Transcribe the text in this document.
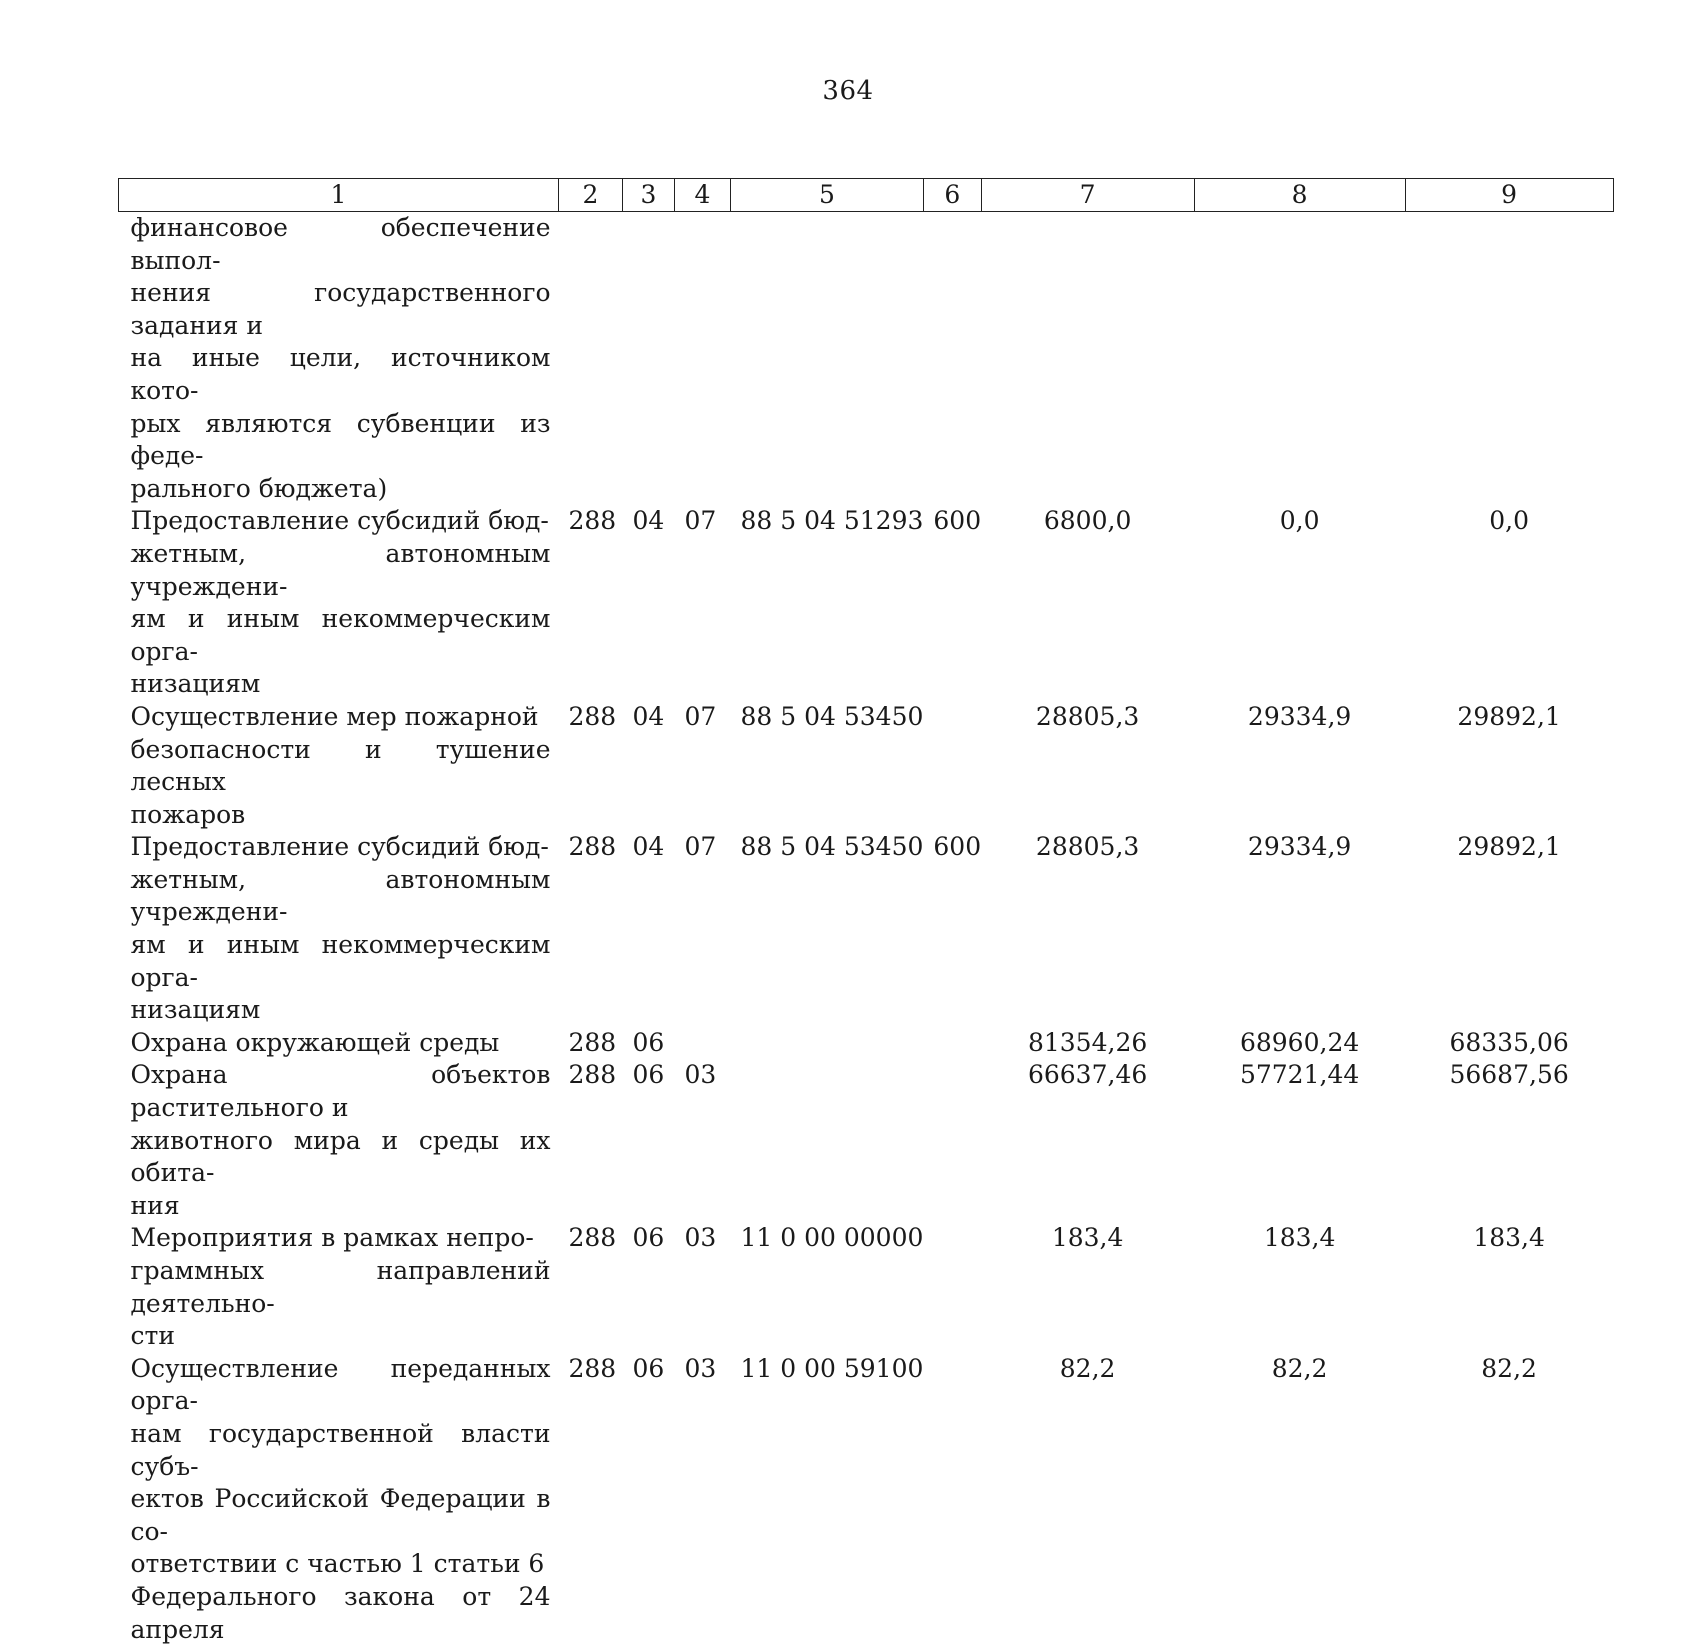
364
1	2	3	4	5	6	7	8	9

финансовое обеспечение выпол-
нения государственного задания и
на иные цели, источником кото-
рых являются субвенции из феде-
рального бюджета)								

Предоставление субсидий бюд-
жетным, автономным учреждени-
ям и иным некоммерческим орга-
низациям	288	04	07	88 5 04 51293	600	6800,0	0,0	0,0

Осуществление мер пожарной
безопасности и тушение лесных
пожаров	288	04	07	88 5 04 53450		28805,3	29334,9	29892,1

Предоставление субсидий бюд-
жетным, автономным учреждени-
ям и иным некоммерческим орга-
низациям	288	04	07	88 5 04 53450	600	28805,3	29334,9	29892,1

Охрана окружающей среды	288	06				81354,26	68960,24	68335,06

Охрана объектов растительного и
животного мира и среды их обита-
ния	288	06	03			66637,46	57721,44	56687,56

Мероприятия в рамках непро-
граммных направлений деятельно-
сти	288	06	03	11 0 00 00000		183,4	183,4	183,4

Осуществление переданных орга-
нам государственной власти субъ-
ектов Российской Федерации в со-
ответствии с частью 1 статьи 6
Федерального закона от 24 апреля	288	06	03	11 0 00 59100		82,2	82,2	82,2
